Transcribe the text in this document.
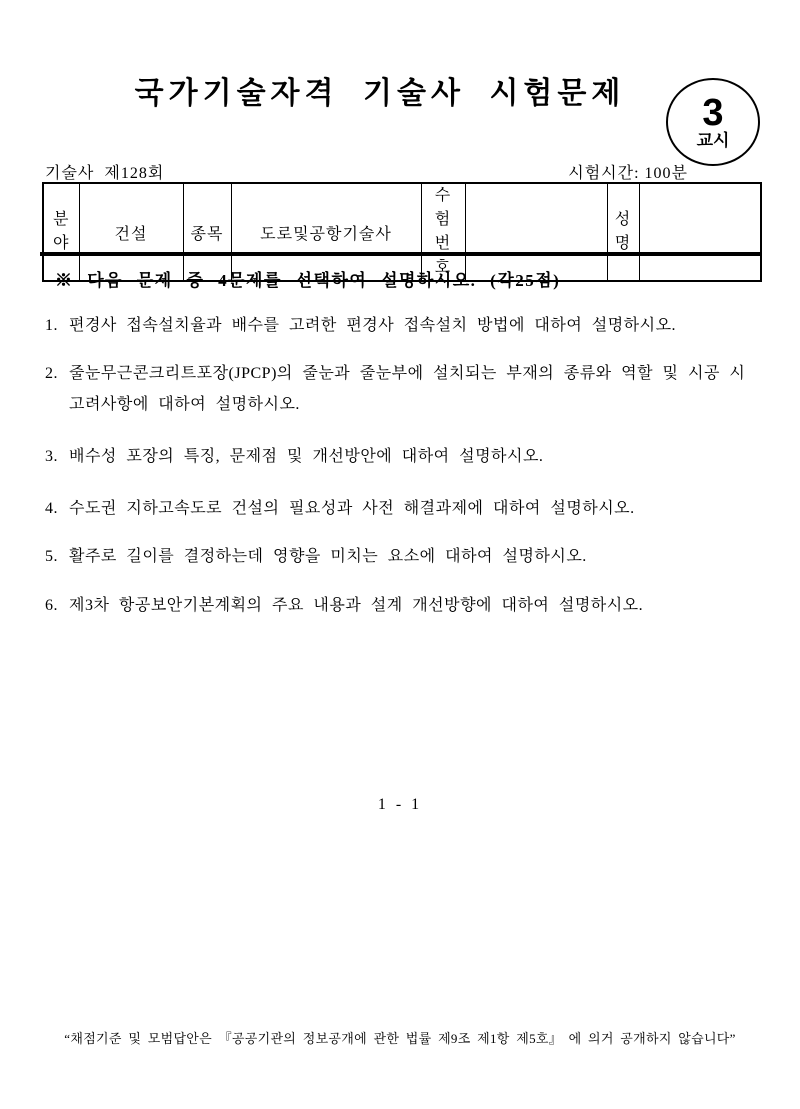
국가기술자격 기술사 시험문제	3
교시
기술사  제128회	시험시간: 100분
분야	건설	종목	도로및공항기술사	수험번호		성명	
※ 다음 문제 중 4문제를 선택하여 설명하시오. (각25점)
1. 편경사 접속설치율과 배수를 고려한 편경사 접속설치 방법에 대하여 설명하시오.
2. 줄눈무근콘크리트포장(JPCP)의 줄눈과 줄눈부에 설치되는 부재의 종류와 역할 및 시공 시 고려사항에 대하여 설명하시오.
3. 배수성 포장의 특징, 문제점 및 개선방안에 대하여 설명하시오.
4. 수도권 지하고속도로 건설의 필요성과 사전 해결과제에 대하여 설명하시오.
5. 활주로 길이를 결정하는데 영향을 미치는 요소에 대하여 설명하시오.
6. 제3차 항공보안기본계획의 주요 내용과 설계 개선방향에 대하여 설명하시오.
1 - 1
“채점기준 및 모범답안은 『공공기관의 정보공개에 관한 법률 제9조 제1항 제5호』 에 의거 공개하지 않습니다”
